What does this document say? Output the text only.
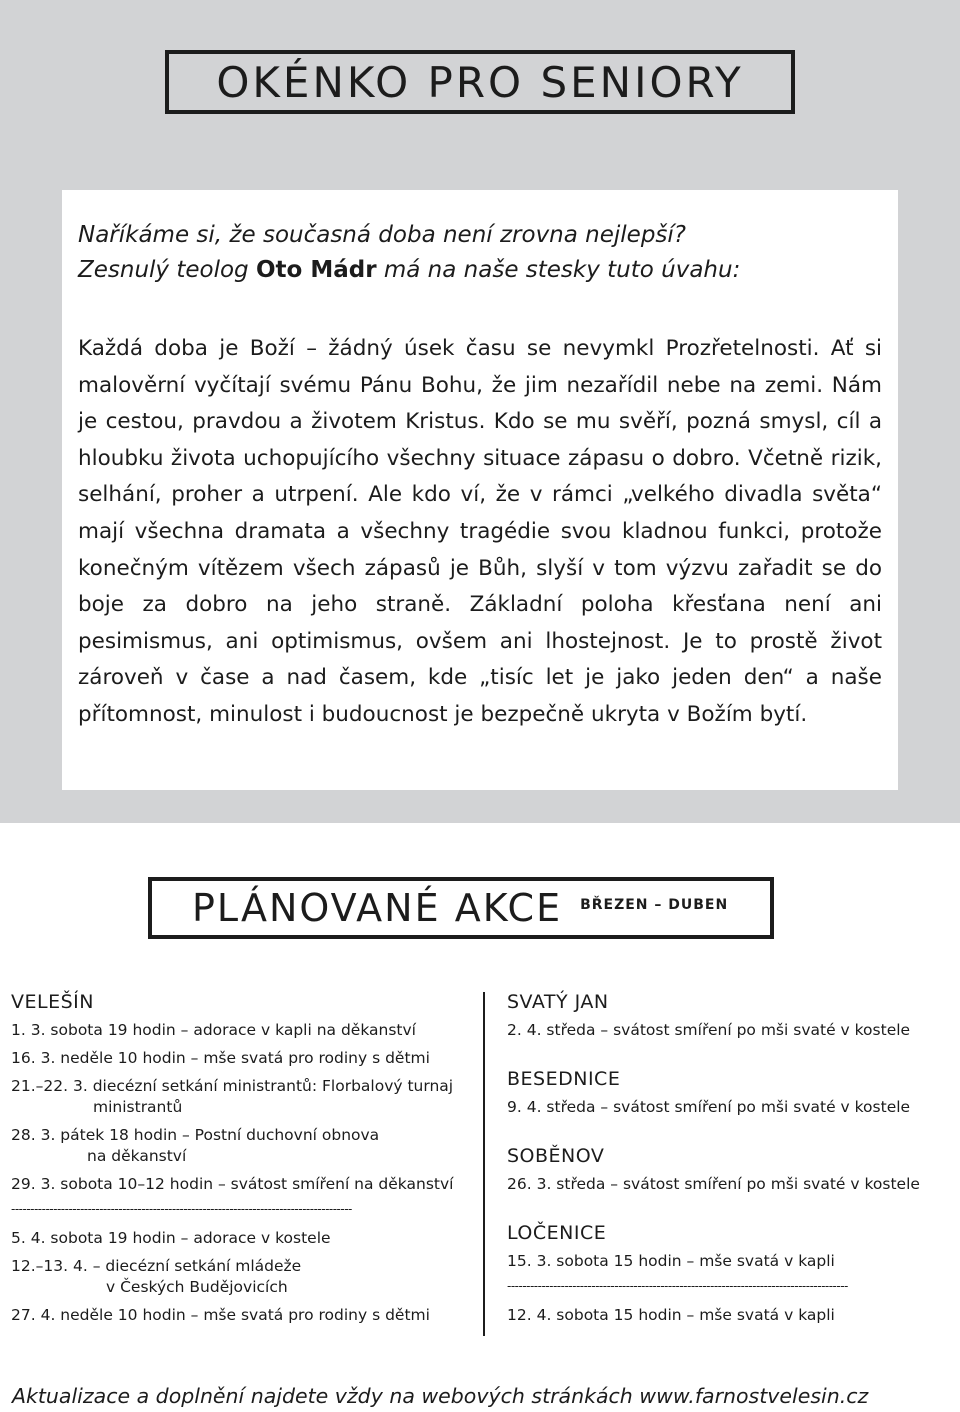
OKÉNKO PRO SENIORY
Naříkáme si, že současná doba není zrovna nejlepší?
Zesnulý teolog Oto Mádr má na naše stesky tuto úvahu:
Každá doba je Boží – žádný úsek času se nevymkl Prozřetelnosti. Ať si malověrní vyčítají svému Pánu Bohu, že jim nezařídil nebe na zemi. Nám je cestou, pravdou a životem Kristus. Kdo se mu svěří, pozná smysl, cíl a hloubku života uchopujícího všechny situace zápasu o dobro. Včetně rizik, selhání, proher a utrpení. Ale kdo ví, že v rámci „velkého divadla světa“ mají všechna dramata a všechny tragédie svou kladnou funkci, protože konečným vítězem všech zápasů je Bůh, slyší v tom výzvu zařadit se do boje za dobro na jeho straně. Základní poloha křesťana není ani pesimismus, ani optimismus, ovšem ani lhostejnost. Je to prostě život zároveň v čase a nad časem, kde „tisíc let je jako jeden den“ a naše přítomnost, minulost i budoucnost je bezpečně ukryta v Božím bytí.
PLÁNOVANÉ AKCE BŘEZEN – DUBEN
VELEŠÍN
1. 3. sobota 19 hodin – adorace v kapli na děkanství
16. 3. neděle 10 hodin – mše svatá pro rodiny s dětmi
21.–22. 3. diecézní setkání ministrantů: Florbalový turnaj
ministrantů
28. 3. pátek 18 hodin – Postní duchovní obnova
na děkanství
29. 3. sobota 10–12 hodin – svátost smíření na děkanství
-----------------------------------------------------------------------------------------
5. 4. sobota 19 hodin – adorace v kostele
12.–13. 4. – diecézní setkání mládeže
v Českých Budějovicích
27. 4. neděle 10 hodin – mše svatá pro rodiny s dětmi
SVATÝ JAN
2. 4. středa – svátost smíření po mši svaté v kostele
BESEDNICE
9. 4. středa – svátost smíření po mši svaté v kostele
SOBĚNOV
26. 3. středa – svátost smíření po mši svaté v kostele
LOČENICE
15. 3. sobota 15 hodin – mše svatá v kapli
-----------------------------------------------------------------------------------------
12. 4. sobota 15 hodin – mše svatá v kapli
Aktualizace a doplnění najdete vždy na webových stránkách www.farnostvelesin.cz
